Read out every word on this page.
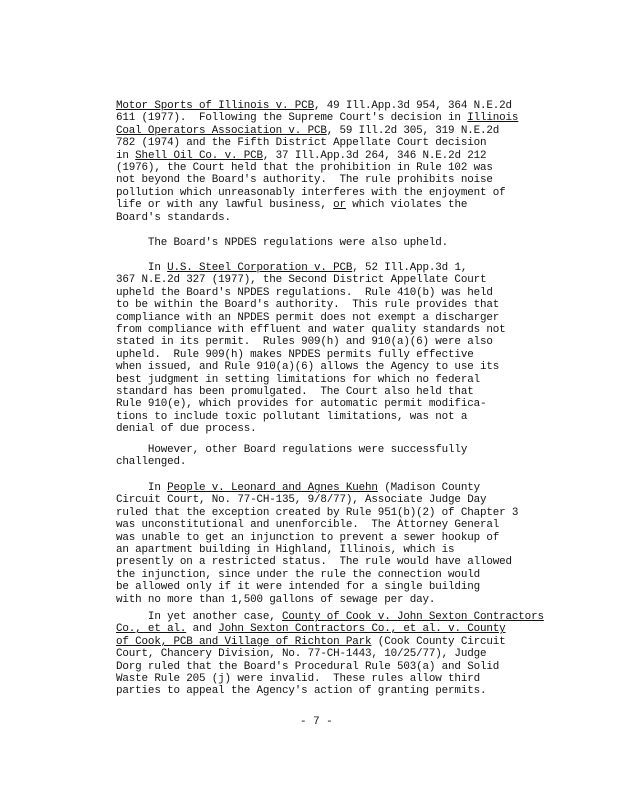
Motor Sports of Illinois v. PCB, 49 Ill.App.3d 954, 364 N.E.2d
611 (1977).  Following the Supreme Court's decision in Illinois
Coal Operators Association v. PCB, 59 Ill.2d 305, 319 N.E.2d
782 (1974) and the Fifth District Appellate Court decision
in Shell Oil Co. v. PCB, 37 Ill.App.3d 264, 346 N.E.2d 212
(1976), the Court held that the prohibition in Rule 102 was
not beyond the Board's authority.  The rule prohibits noise
pollution which unreasonably interferes with the enjoyment of
life or with any lawful business, or which violates the
Board's standards.
The Board's NPDES regulations were also upheld.
In U.S. Steel Corporation v. PCB, 52 Ill.App.3d 1,
367 N.E.2d 327 (1977), the Second District Appellate Court
upheld the Board's NPDES regulations.  Rule 410(b) was held
to be within the Board's authority.  This rule provides that
compliance with an NPDES permit does not exempt a discharger
from compliance with effluent and water quality standards not
stated in its permit.  Rules 909(h) and 910(a)(6) were also
upheld.  Rule 909(h) makes NPDES permits fully effective
when issued, and Rule 910(a)(6) allows the Agency to use its
best judgment in setting limitations for which no federal
standard has been promulgated.  The Court also held that
Rule 910(e), which provides for automatic permit modifica-
tions to include toxic pollutant limitations, was not a
denial of due process.
However, other Board regulations were successfully
challenged.
In People v. Leonard and Agnes Kuehn (Madison County
Circuit Court, No. 77-CH-135, 9/8/77), Associate Judge Day
ruled that the exception created by Rule 951(b)(2) of Chapter 3
was unconstitutional and unenforcible.  The Attorney General
was unable to get an injunction to prevent a sewer hookup of
an apartment building in Highland, Illinois, which is
presently on a restricted status.  The rule would have allowed
the injunction, since under the rule the connection would
be allowed only if it were intended for a single building
with no more than 1,500 gallons of sewage per day.
In yet another case, County of Cook v. John Sexton Contractors
Co., et al. and John Sexton Contractors Co., et al. v. County
of Cook, PCB and Village of Richton Park (Cook County Circuit
Court, Chancery Division, No. 77-CH-1443, 10/25/77), Judge
Dorg ruled that the Board's Procedural Rule 503(a) and Solid
Waste Rule 205 (j) were invalid.  These rules allow third
parties to appeal the Agency's action of granting permits.
- 7 -
